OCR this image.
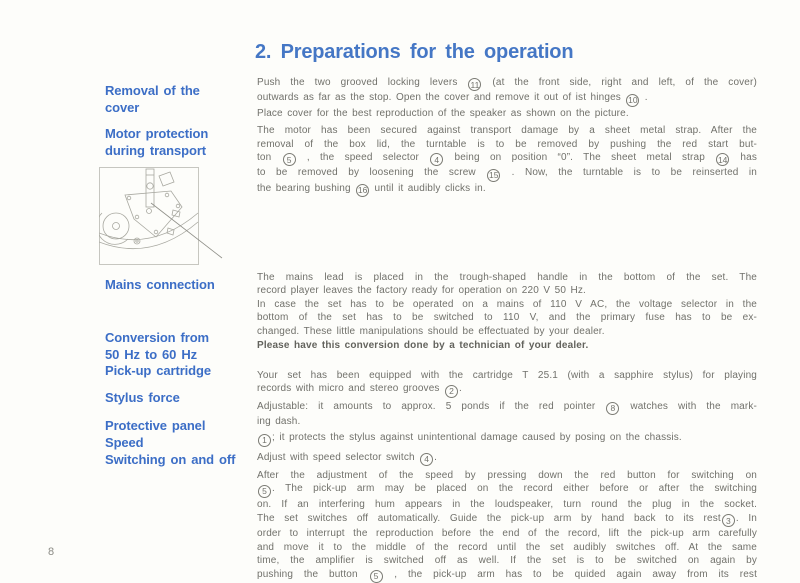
2. Preparations for the operation
Removal of the
cover
Motor protection
during transport
Mains connection
Conversion from
50 Hz to 60 Hz
Pick-up cartridge
Stylus force
Protective panel
Speed
Switching on and off
Push the two grooved locking levers 11 (at the front side, right and left, of the cover)
outwards as far as the stop. Open the cover and remove it out of ist hinges 10 .
Place cover for the best reproduction of the speaker as shown on the picture.
The motor has been secured against transport damage by a sheet metal strap. After the
removal of the box lid, the turntable is to be removed by pushing the red start but-
ton 5 , the speed selector 4 being on position “0”. The sheet metal strap 14 has
to be removed by loosening the screw 15 . Now, the turntable is to be reinserted in
the bearing bushing 16 until it audibly clicks in.
The mains lead is placed in the trough-shaped handle in the bottom of the set. The
record player leaves the factory ready for operation on 220 V 50 Hz.
In case the set has to be operated on a mains of 110 V AC, the voltage selector in the
bottom of the set has to be switched to 110 V, and the primary fuse has to be ex-
changed. These little manipulations should be effectuated by your dealer.
Please have this conversion done by a technician of your dealer.
Your set has been equipped with the cartridge T 25.1 (with a sapphire stylus) for playing
records with micro and stereo grooves 2 .
Adjustable: it amounts to approx. 5 ponds if the red pointer 8 watches with the mark-
ing dash.
1 ; it protects the stylus against unintentional damage caused by posing on the chassis.
Adjust with speed selector switch 4 .
After the adjustment of the speed by pressing down the red button for switching on
5 . The pick-up arm may be placed on the record either before or after the switching
on. If an interfering hum appears in the loudspeaker, turn round the plug in the socket.
The set switches off automatically. Guide the pick-up arm by hand back to its rest 3 . In
order to interrupt the reproduction before the end of the record, lift the pick-up arm carefully
and move it to the middle of the record until the set audibly switches off. At the same
time, the amplifier is switched off as well. If the set is to be switched on again by
pushing the button 5 , the pick-up arm has to be quided again away from its rest
8
